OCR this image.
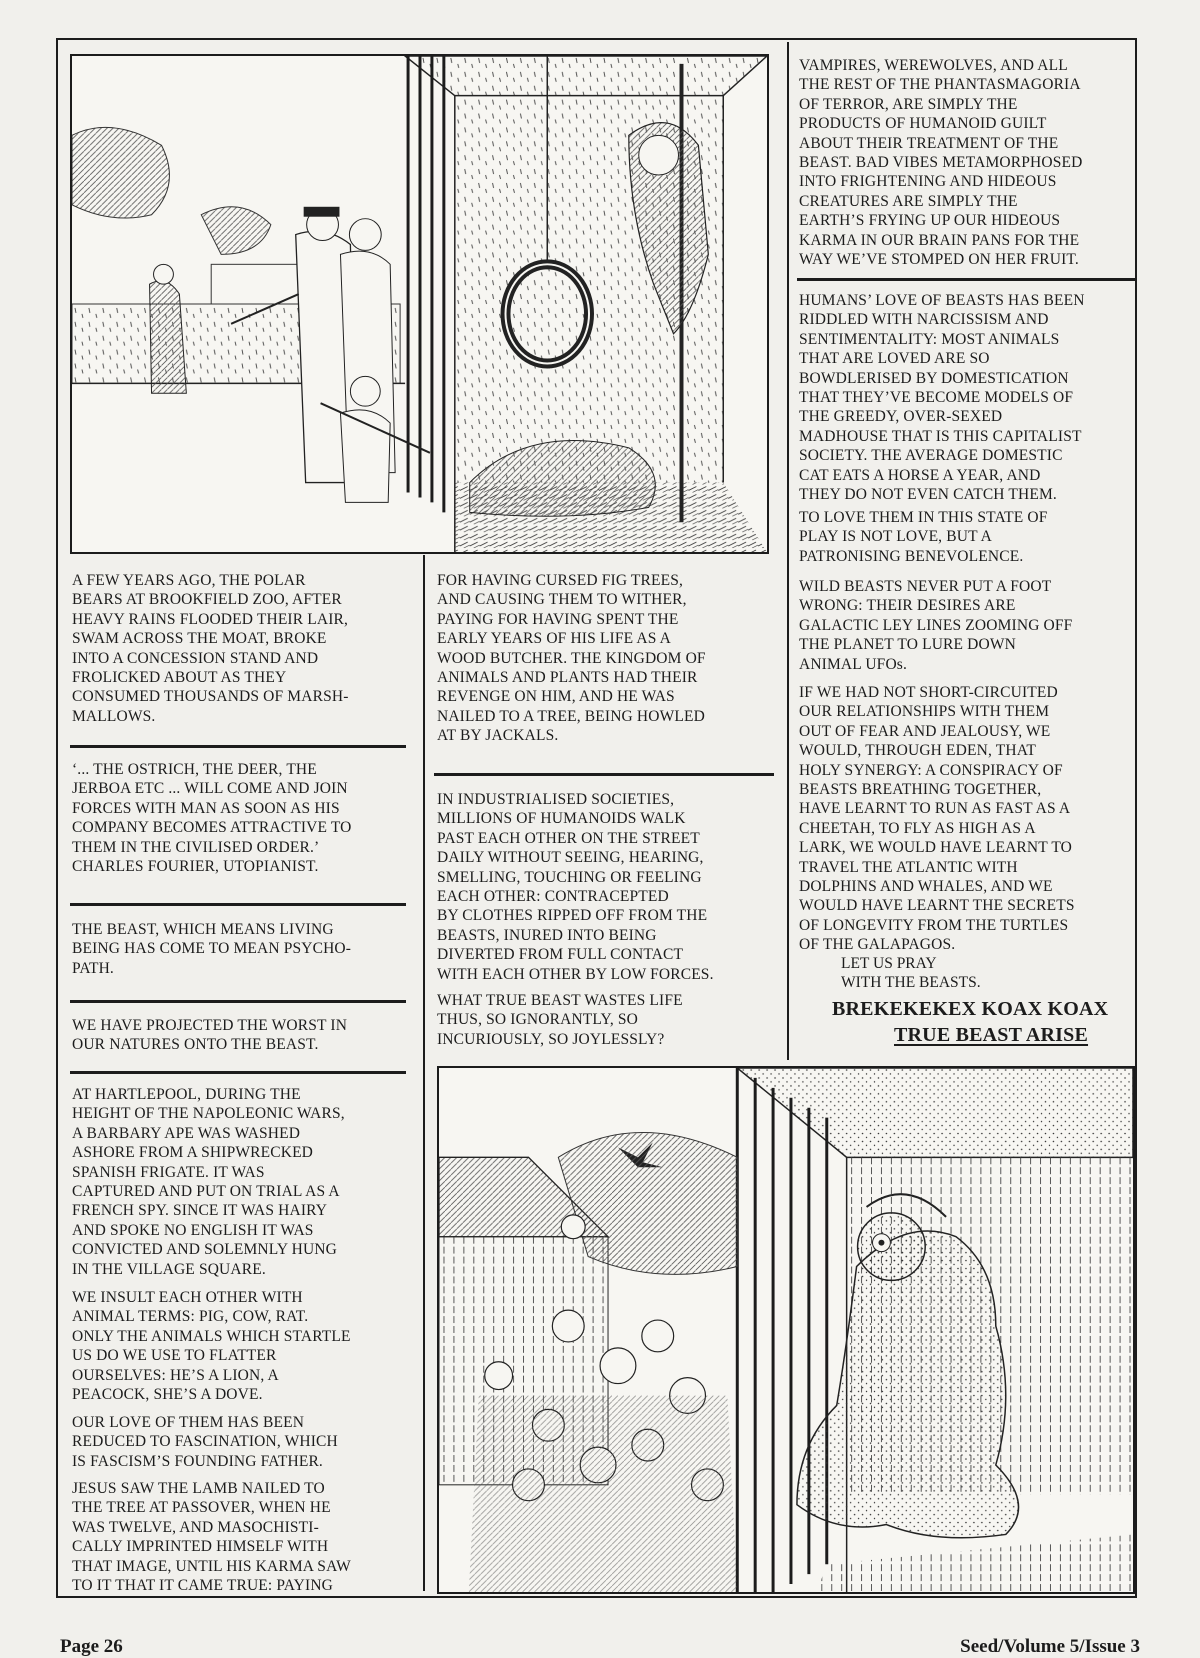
A FEW YEARS AGO, THE POLAR
BEARS AT BROOKFIELD ZOO, AFTER
HEAVY RAINS FLOODED THEIR LAIR,
SWAM ACROSS THE MOAT, BROKE
INTO A CONCESSION STAND AND
FROLICKED ABOUT AS THEY
CONSUMED THOUSANDS OF MARSH-
MALLOWS.

‘... THE OSTRICH, THE DEER, THE
JERBOA ETC ... WILL COME AND JOIN
FORCES WITH MAN AS SOON AS HIS
COMPANY BECOMES ATTRACTIVE TO
THEM IN THE CIVILISED ORDER.’
CHARLES FOURIER, UTOPIANIST.

THE BEAST, WHICH MEANS LIVING
BEING HAS COME TO MEAN PSYCHO-
PATH.

WE HAVE PROJECTED THE WORST IN
OUR NATURES ONTO THE BEAST.

AT HARTLEPOOL, DURING THE
HEIGHT OF THE NAPOLEONIC WARS,
A BARBARY APE WAS WASHED
ASHORE FROM A SHIPWRECKED
SPANISH FRIGATE. IT WAS
CAPTURED AND PUT ON TRIAL AS A
FRENCH SPY. SINCE IT WAS HAIRY
AND SPOKE NO ENGLISH IT WAS
CONVICTED AND SOLEMNLY HUNG
IN THE VILLAGE SQUARE.

WE INSULT EACH OTHER WITH
ANIMAL TERMS: PIG, COW, RAT.
ONLY THE ANIMALS WHICH STARTLE
US DO WE USE TO FLATTER
OURSELVES: HE’S A LION, A
PEACOCK, SHE’S A DOVE.

OUR LOVE OF THEM HAS BEEN
REDUCED TO FASCINATION, WHICH
IS FASCISM’S FOUNDING FATHER.

JESUS SAW THE LAMB NAILED TO
THE TREE AT PASSOVER, WHEN HE
WAS TWELVE, AND MASOCHISTI-
CALLY IMPRINTED HIMSELF WITH
THAT IMAGE, UNTIL HIS KARMA SAW
TO IT THAT IT CAME TRUE: PAYING

FOR HAVING CURSED FIG TREES,
AND CAUSING THEM TO WITHER,
PAYING FOR HAVING SPENT THE
EARLY YEARS OF HIS LIFE AS A
WOOD BUTCHER. THE KINGDOM OF
ANIMALS AND PLANTS HAD THEIR
REVENGE ON HIM, AND HE WAS
NAILED TO A TREE, BEING HOWLED
AT BY JACKALS.

IN INDUSTRIALISED SOCIETIES,
MILLIONS OF HUMANOIDS WALK
PAST EACH OTHER ON THE STREET
DAILY WITHOUT SEEING, HEARING,
SMELLING, TOUCHING OR FEELING
EACH OTHER: CONTRACEPTED
BY CLOTHES RIPPED OFF FROM THE
BEASTS, INURED INTO BEING
DIVERTED FROM FULL CONTACT
WITH EACH OTHER BY LOW FORCES.

WHAT TRUE BEAST WASTES LIFE
THUS, SO IGNORANTLY, SO
INCURIOUSLY, SO JOYLESSLY?

VAMPIRES, WEREWOLVES, AND ALL
THE REST OF THE PHANTASMAGORIA
OF TERROR, ARE SIMPLY THE
PRODUCTS OF HUMANOID GUILT
ABOUT THEIR TREATMENT OF THE
BEAST. BAD VIBES METAMORPHOSED
INTO FRIGHTENING AND HIDEOUS
CREATURES ARE SIMPLY THE
EARTH’S FRYING UP OUR HIDEOUS
KARMA IN OUR BRAIN PANS FOR THE
WAY WE’VE STOMPED ON HER FRUIT.

HUMANS’ LOVE OF BEASTS HAS BEEN
RIDDLED WITH NARCISSISM AND
SENTIMENTALITY: MOST ANIMALS
THAT ARE LOVED ARE SO
BOWDLERISED BY DOMESTICATION
THAT THEY’VE BECOME MODELS OF
THE GREEDY, OVER-SEXED
MADHOUSE THAT IS THIS CAPITALIST
SOCIETY. THE AVERAGE DOMESTIC
CAT EATS A HORSE A YEAR, AND
THEY DO NOT EVEN CATCH THEM.

TO LOVE THEM IN THIS STATE OF
PLAY IS NOT LOVE, BUT A
PATRONISING BENEVOLENCE.

WILD BEASTS NEVER PUT A FOOT
WRONG: THEIR DESIRES ARE
GALACTIC LEY LINES ZOOMING OFF
THE PLANET TO LURE DOWN
ANIMAL UFOs.

IF WE HAD NOT SHORT-CIRCUITED
OUR RELATIONSHIPS WITH THEM
OUT OF FEAR AND JEALOUSY, WE
WOULD, THROUGH EDEN, THAT
HOLY SYNERGY: A CONSPIRACY OF
BEASTS BREATHING TOGETHER,
HAVE LEARNT TO RUN AS FAST AS A
CHEETAH, TO FLY AS HIGH AS A
LARK, WE WOULD HAVE LEARNT TO
TRAVEL THE ATLANTIC WITH
DOLPHINS AND WHALES, AND WE
WOULD HAVE LEARNT THE SECRETS
OF LONGEVITY FROM THE TURTLES
OF THE GALAPAGOS.

LET US PRAY
WITH THE BEASTS.
BREKEKEKEX KOAX KOAX
TRUE BEAST ARISE
Page 26	Seed/Volume 5/Issue 3
